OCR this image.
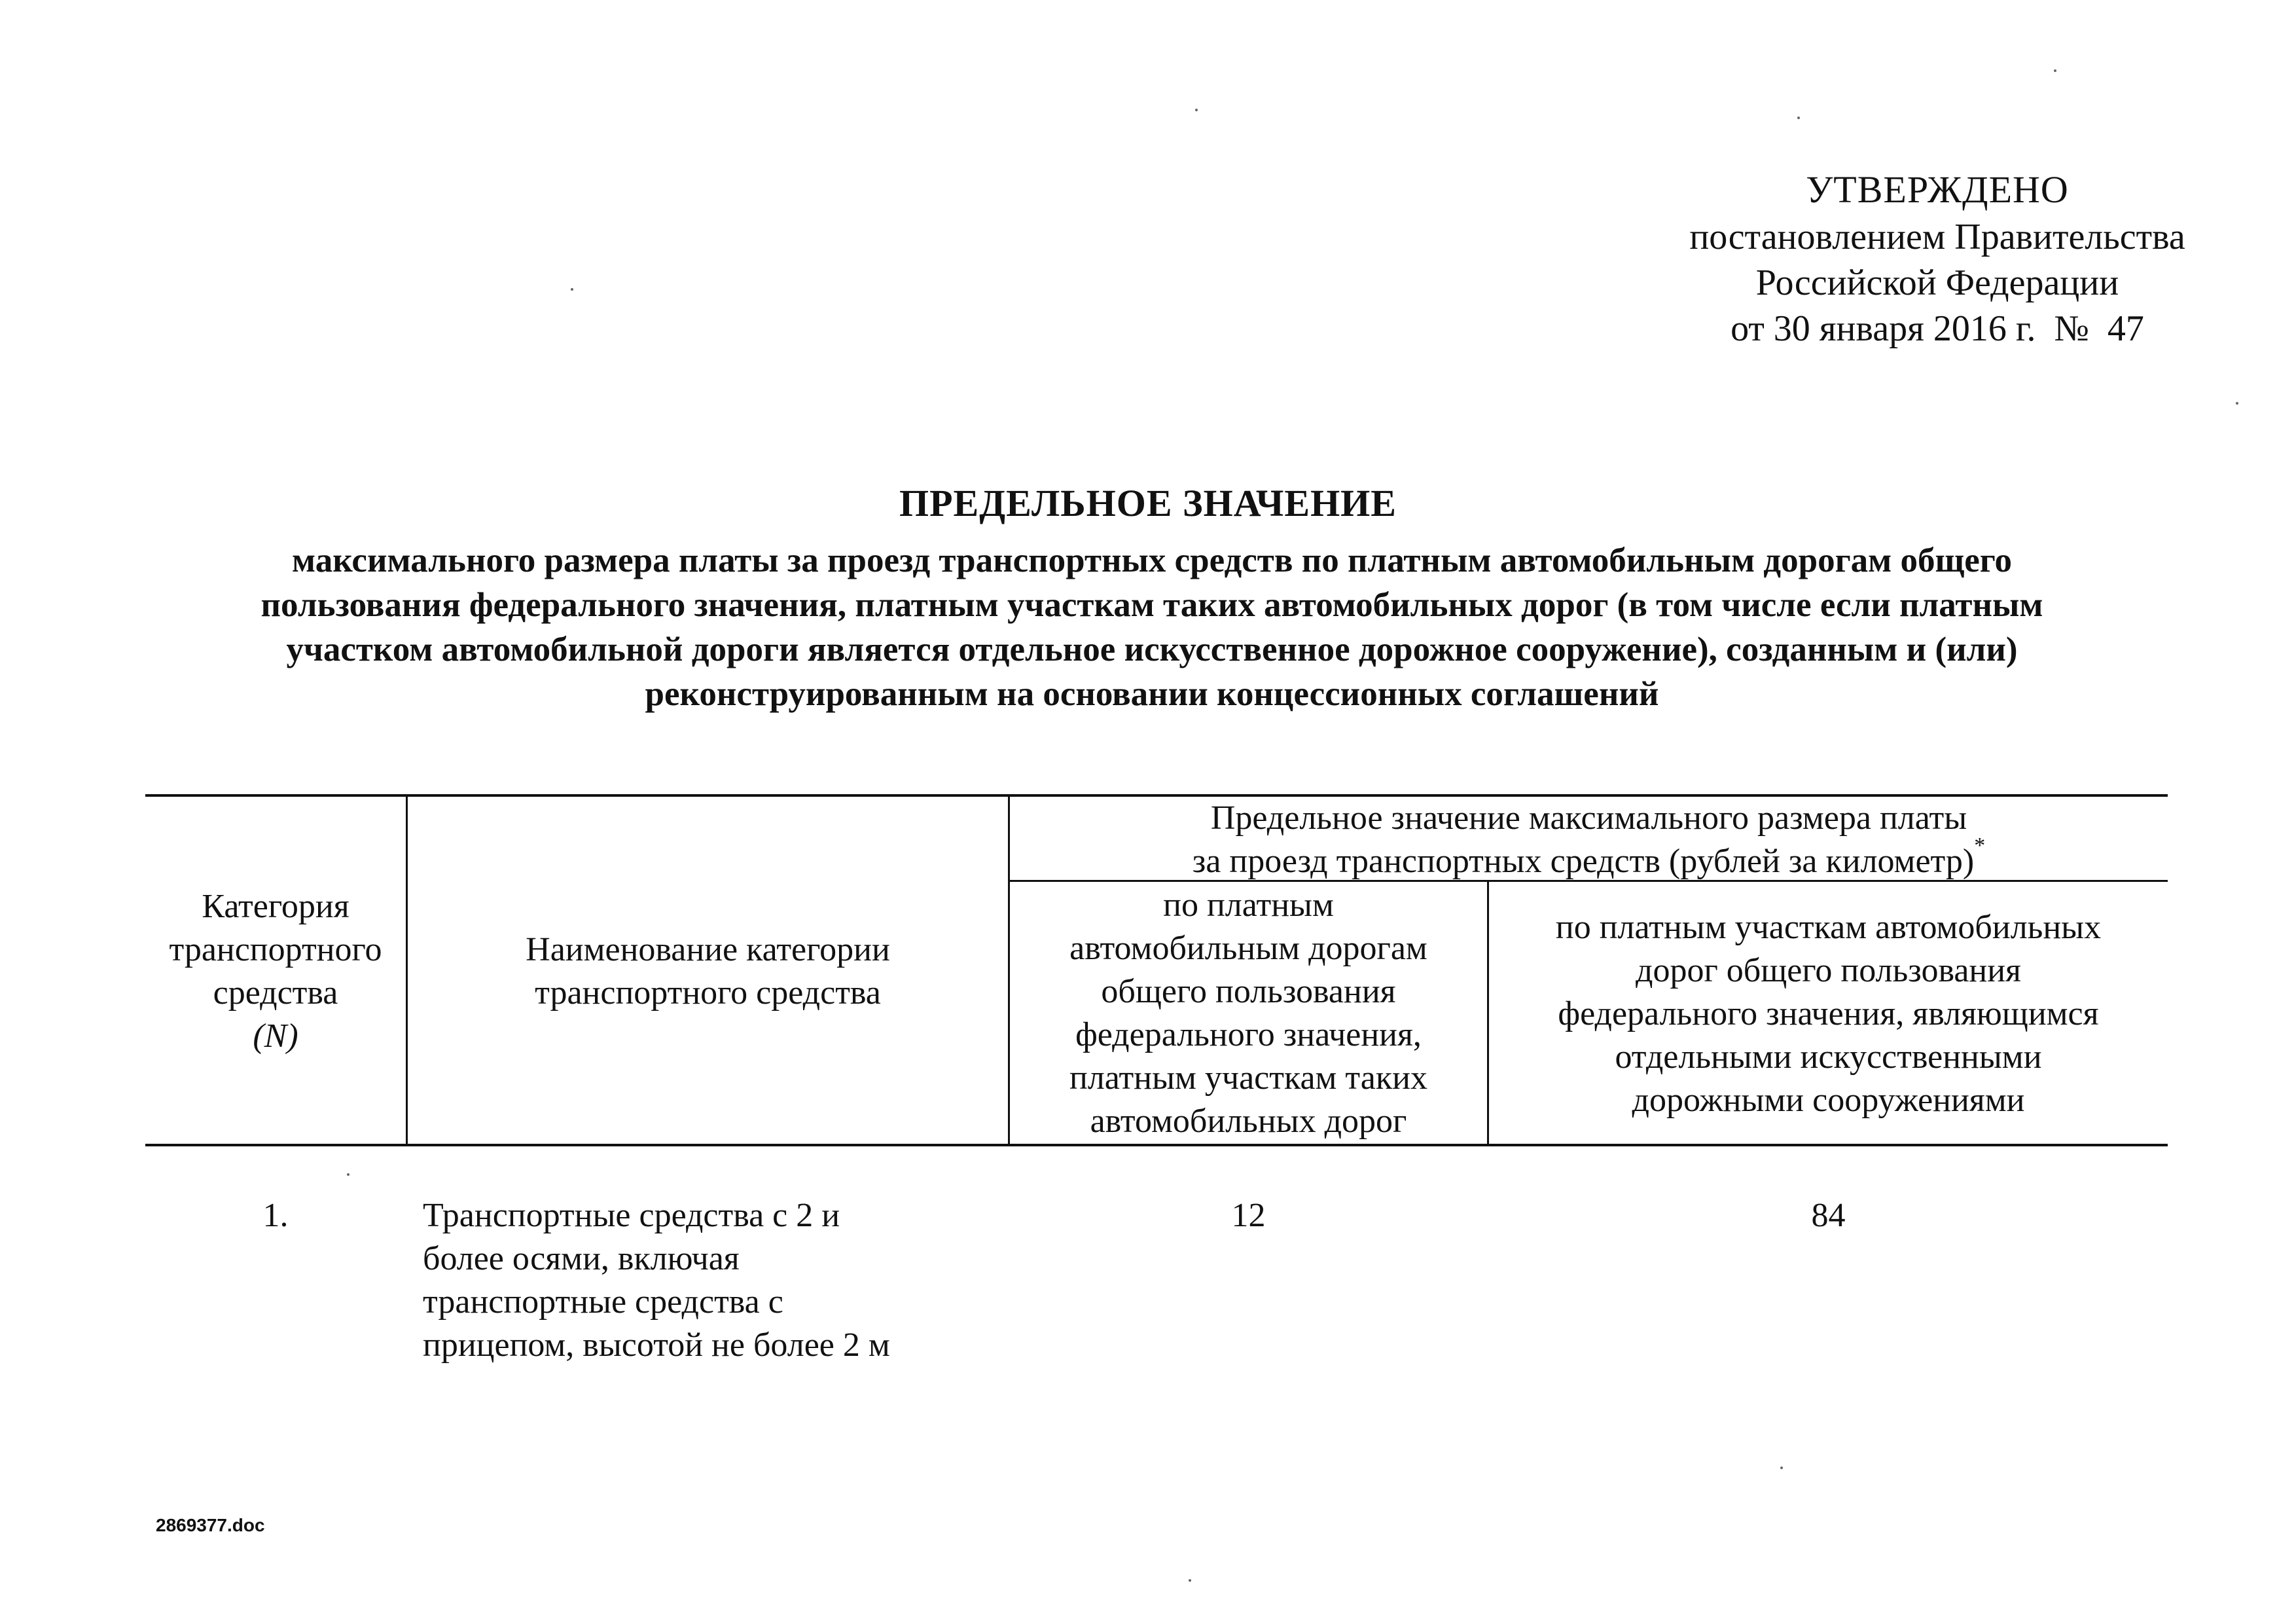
УТВЕРЖДЕНО
постановлением Правительства
Российской Федерации
от 30 января 2016 г.  №  47
ПРЕДЕЛЬНОЕ ЗНАЧЕНИЕ
максимального размера платы за проезд транспортных средств по платным автомобильным дорогам общего
пользования федерального значения, платным участкам таких автомобильных дорог (в том числе если платным
участком автомобильной дороги является отдельное искусственное дорожное сооружение), созданным и (или)
реконструированным на основании концессионных соглашений
Категория
транспортного
средства
(N)
Наименование категории
транспортного средства
Предельное значение максимального размера платы
за проезд транспортных средств (рублей за километр)*
по платным
автомобильным дорогам
общего пользования
федерального значения,
платным участкам таких
автомобильных дорог
по платным участкам автомобильных
дорог общего пользования
федерального значения, являющимся
отдельными искусственными
дорожными сооружениями
1.	Транспортные средства с 2 и
более осями, включая
транспортные средства с
прицепом, высотой не более 2 м
12	84
2869377.doc
